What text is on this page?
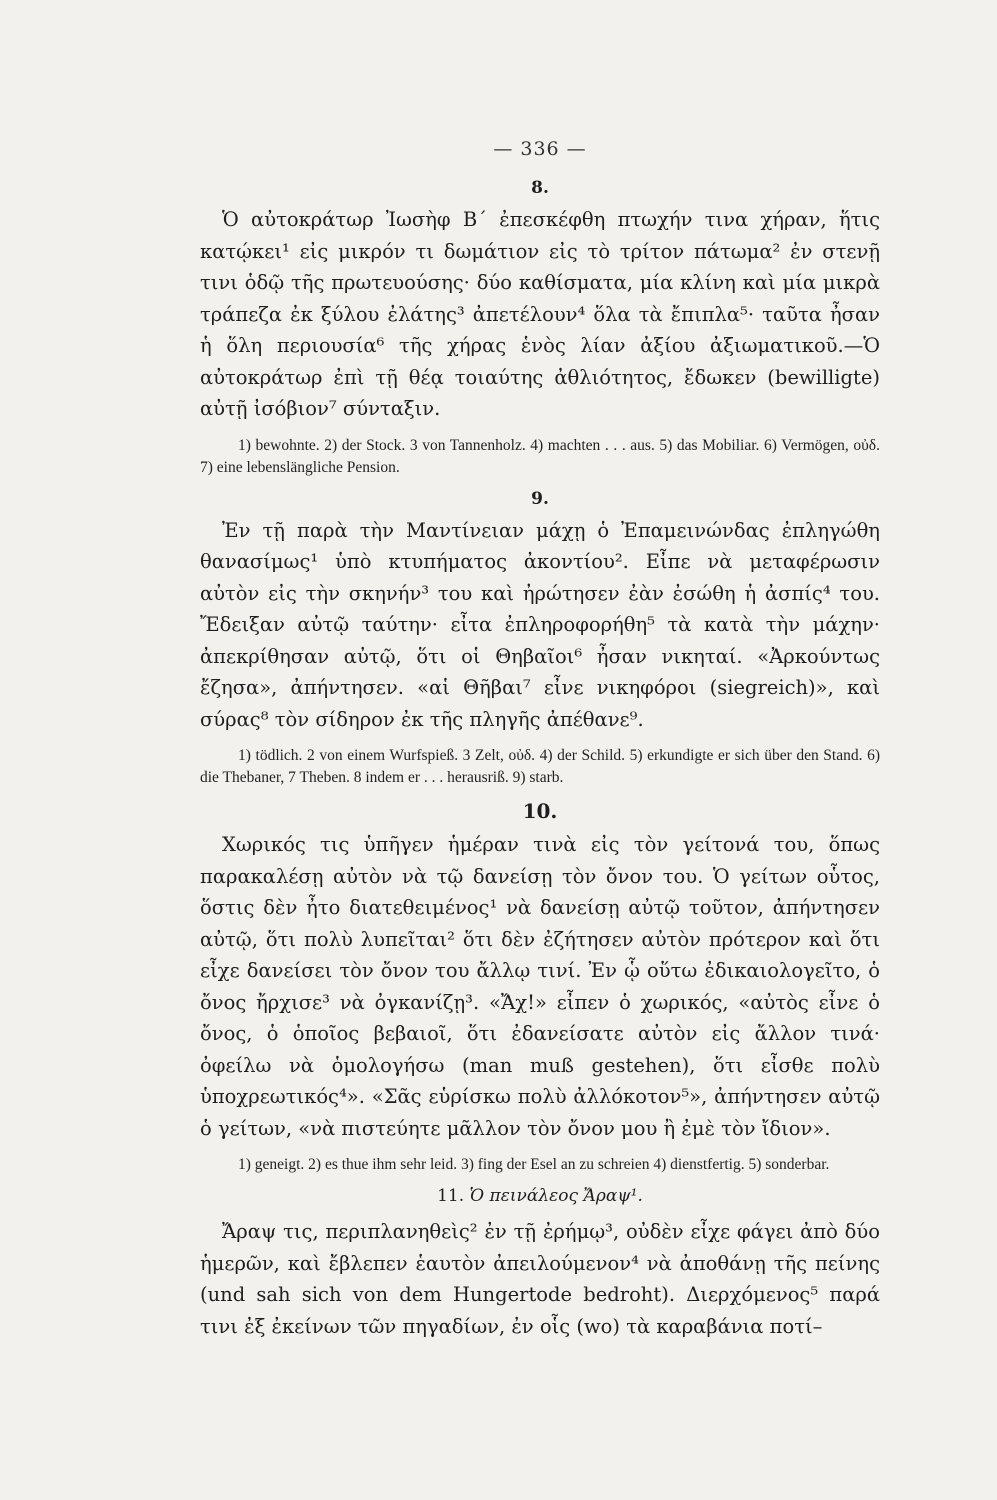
— 336 —
8.

Ὁ αὐτοκράτωρ Ἰωσὴφ Β΄ ἐπεσκέφθη πτωχήν τινα χήραν, ἥτις κατῴκει¹ εἰς μικρόν τι δωμάτιον εἰς τὸ τρίτον πάτωμα² ἐν στενῇ τινι ὁδῷ τῆς πρωτευούσης· δύο καθίσματα, μία κλίνη καὶ μία μικρὰ τράπεζα ἐκ ξύλου ἐλάτης³ ἀπετέλουν⁴ ὅλα τὰ ἔπιπλα⁵· ταῦτα ἦσαν ἡ ὅλη περιουσία⁶ τῆς χήρας ἑνὸς λίαν ἀξίου ἀξιωματικοῦ.—Ὁ αὐτοκράτωρ ἐπὶ τῇ θέᾳ τοιαύτης ἀθλιότητος, ἔδωκεν (bewilligte) αὐτῇ ἰσόβιον⁷ σύνταξιν.

1) bewohnte. 2) der Stock. 3 von Tannenholz. 4) machten . . . aus. 5) das Mobiliar. 6) Vermögen, οὐδ. 7) eine lebenslängliche Pension.
9.

Ἐν τῇ παρὰ τὴν Μαντίνειαν μάχῃ ὁ Ἐπαμεινώνδας ἐπληγώθη θανασίμως¹ ὑπὸ κτυπήματος ἀκοντίου². Εἶπε νὰ μεταφέρωσιν αὐτὸν εἰς τὴν σκηνήν³ του καὶ ἠρώτησεν ἐὰν ἐσώθη ἡ ἀσπίς⁴ του. Ἔδειξαν αὐτῷ ταύτην· εἶτα ἐπληροφορήθη⁵ τὰ κατὰ τὴν μάχην· ἀπεκρίθησαν αὐτῷ, ὅτι οἱ Θηβαῖοι⁶ ἦσαν νικηταί. «Ἀρκούντως ἔζησα», ἀπήντησεν. «αἱ Θῆβαι⁷ εἶνε νικηφόροι (siegreich)», καὶ σύρας⁸ τὸν σίδηρον ἐκ τῆς πληγῆς ἀπέθανε⁹.

1) tödlich. 2 von einem Wurfspieß. 3 Zelt, οὐδ. 4) der Schild. 5) erkundigte er sich über den Stand. 6) die Thebaner, 7 Theben. 8 indem er . . . herausriß. 9) starb.
10.

Χωρικός τις ὑπῆγεν ἡμέραν τινὰ εἰς τὸν γείτονά του, ὅπως παρακαλέσῃ αὐτὸν νὰ τῷ δανείσῃ τὸν ὄνον του. Ὁ γείτων οὗτος, ὅστις δὲν ἦτο διατεθειμένος¹ νὰ δανείσῃ αὐτῷ τοῦτον, ἀπήντησεν αὐτῷ, ὅτι πολὺ λυπεῖται² ὅτι δὲν ἐζήτησεν αὐτὸν πρότερον καὶ ὅτι εἶχε δανείσει τὸν ὄνον του ἄλλῳ τινί. Ἐν ᾧ οὕτω ἐδικαιολογεῖτο, ὁ ὄνος ἤρχισε³ νὰ ὀγκανίζῃ³. «Ἄχ!» εἶπεν ὁ χωρικός, «αὐτὸς εἶνε ὁ ὄνος, ὁ ὁποῖος βεβαιοῖ, ὅτι ἐδανείσατε αὐτὸν εἰς ἄλλον τινά· ὀφείλω νὰ ὁμολογήσω (man muß gestehen), ὅτι εἶσθε πολὺ ὑποχρεωτικός⁴». «Σᾶς εὑρίσκω πολὺ ἀλλόκοτον⁵», ἀπήντησεν αὐτῷ ὁ γείτων, «νὰ πιστεύητε μᾶλλον τὸν ὄνον μου ἢ ἐμὲ τὸν ἴδιον».

1) geneigt. 2) es thue ihm sehr leid. 3) fing der Esel an zu schreien 4) dienstfertig. 5) sonderbar.
11. Ὁ πεινάλεος Ἄραψ¹.

Ἄραψ τις, περιπλανηθεὶς² ἐν τῇ ἐρήμῳ³, οὐδὲν εἶχε φάγει ἀπὸ δύο ἡμερῶν, καὶ ἔβλεπεν ἑαυτὸν ἀπειλούμενον⁴ νὰ ἀποθάνῃ τῆς πείνης (und sah sich von dem Hungertode bedroht). Διερχόμενος⁵ παρά τινι ἐξ ἐκείνων τῶν πηγαδίων, ἐν οἷς (wo) τὰ καραβάνια ποτί–
